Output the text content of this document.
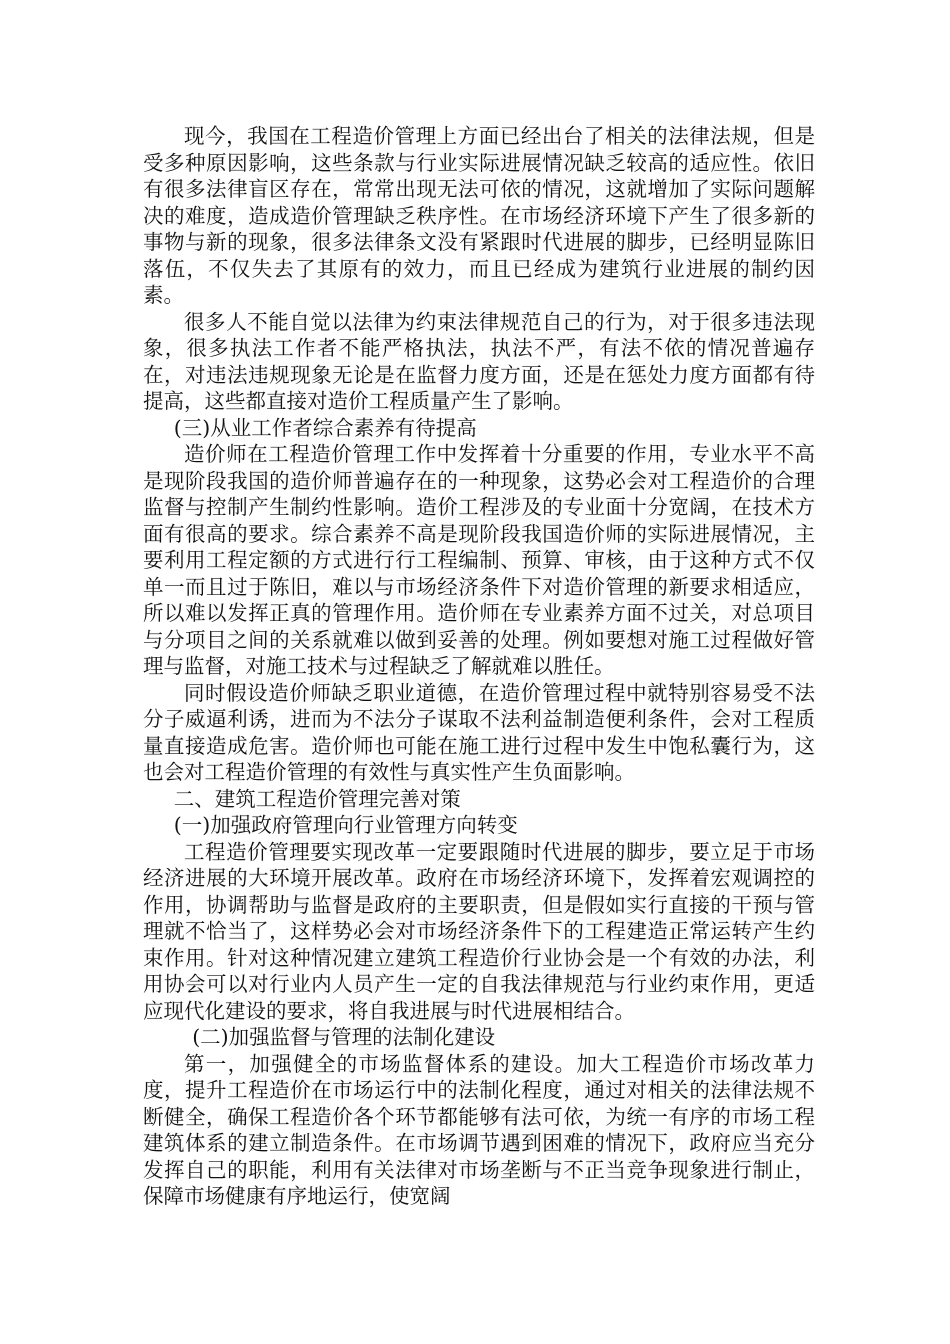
现今，我国在工程造价管理上方面已经出台了相关的法律法规，但是受多种原因影响，这些条款与行业实际进展情况缺乏较高的适应性。依旧有很多法律盲区存在，常常出现无法可依的情况，这就增加了实际问题解决的难度，造成造价管理缺乏秩序性。在市场经济环境下产生了很多新的事物与新的现象，很多法律条文没有紧跟时代进展的脚步，已经明显陈旧落伍，不仅失去了其原有的效力，而且已经成为建筑行业进展的制约因素。

很多人不能自觉以法律为约束法律规范自己的行为，对于很多违法现象，很多执法工作者不能严格执法，执法不严，有法不依的情况普遍存在，对违法违规现象无论是在监督力度方面，还是在惩处力度方面都有待提高，这些都直接对造价工程质量产生了影响。

(三)从业工作者综合素养有待提高

造价师在工程造价管理工作中发挥着十分重要的作用，专业水平不高是现阶段我国的造价师普遍存在的一种现象，这势必会对工程造价的合理监督与控制产生制约性影响。造价工程涉及的专业面十分宽阔，在技术方面有很高的要求。综合素养不高是现阶段我国造价师的实际进展情况，主要利用工程定额的方式进行行工程编制、预算、审核，由于这种方式不仅单一而且过于陈旧，难以与市场经济条件下对造价管理的新要求相适应，所以难以发挥正真的管理作用。造价师在专业素养方面不过关，对总项目与分项目之间的关系就难以做到妥善的处理。例如要想对施工过程做好管理与监督，对施工技术与过程缺乏了解就难以胜任。

同时假设造价师缺乏职业道德，在造价管理过程中就特别容易受不法分子威逼利诱，进而为不法分子谋取不法利益制造便利条件，会对工程质量直接造成危害。造价师也可能在施工进行过程中发生中饱私囊行为，这也会对工程造价管理的有效性与真实性产生负面影响。

二、建筑工程造价管理完善对策

(一)加强政府管理向行业管理方向转变

工程造价管理要实现改革一定要跟随时代进展的脚步，要立足于市场经济进展的大环境开展改革。政府在市场经济环境下，发挥着宏观调控的作用，协调帮助与监督是政府的主要职责，但是假如实行直接的干预与管理就不恰当了，这样势必会对市场经济条件下的工程建造正常运转产生约束作用。针对这种情况建立建筑工程造价行业协会是一个有效的办法，利用协会可以对行业内人员产生一定的自我法律规范与行业约束作用，更适应现代化建设的要求，将自我进展与时代进展相结合。

(二)加强监督与管理的法制化建设

第一，加强健全的市场监督体系的建设。加大工程造价市场改革力度，提升工程造价在市场运行中的法制化程度，通过对相关的法律法规不断健全，确保工程造价各个环节都能够有法可依，为统一有序的市场工程建筑体系的建立制造条件。在市场调节遇到困难的情况下，政府应当充分发挥自己的职能，利用有关法律对市场垄断与不正当竞争现象进行制止，保障市场健康有序地运行，使宽阔
